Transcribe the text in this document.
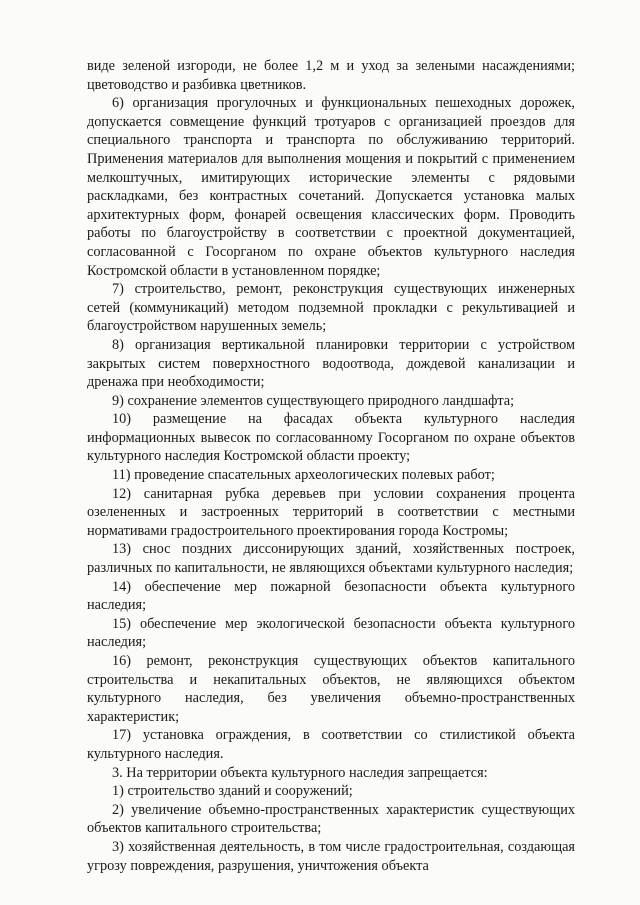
виде зеленой изгороди, не более 1,2 м и уход за зелеными насаждениями; цветоводство и разбивка цветников.

6) организация прогулочных и функциональных пешеходных дорожек, допускается совмещение функций тротуаров с организацией проездов для специального транспорта и транспорта по обслуживанию территорий. Применения материалов для выполнения мощения и покрытий с применением мелкоштучных, имитирующих исторические элементы с рядовыми раскладками, без контрастных сочетаний. Допускается установка малых архитектурных форм, фонарей освещения классических форм. Проводить работы по благоустройству в соответствии с проектной документацией, согласованной с Госорганом по охране объектов культурного наследия Костромской области в установленном порядке;

7) строительство, ремонт, реконструкция существующих инженерных сетей (коммуникаций) методом подземной прокладки с рекультивацией и благоустройством нарушенных земель;

8) организация вертикальной планировки территории с устройством закрытых систем поверхностного водоотвода, дождевой канализации и дренажа при необходимости;

9) сохранение элементов существующего природного ландшафта;

10) размещение на фасадах объекта культурного наследия информационных вывесок по согласованному Госорганом по охране объектов культурного наследия Костромской области проекту;

11) проведение спасательных археологических полевых работ;

12) санитарная рубка деревьев при условии сохранения процента озелененных и застроенных территорий в соответствии с местными нормативами градостроительного проектирования города Костромы;

13) снос поздних диссонирующих зданий, хозяйственных построек, различных по капитальности, не являющихся объектами культурного наследия;

14) обеспечение мер пожарной безопасности объекта культурного наследия;

15) обеспечение мер экологической безопасности объекта культурного наследия;

16) ремонт, реконструкция существующих объектов капитального строительства и некапитальных объектов, не являющихся объектом культурного наследия, без увеличения объемно-пространственных характеристик;

17) установка ограждения, в соответствии со стилистикой объекта культурного наследия.

3. На территории объекта культурного наследия запрещается:

1) строительство зданий и сооружений;

2) увеличение объемно-пространственных характеристик существующих объектов капитального строительства;

3) хозяйственная деятельность, в том числе градостроительная, создающая угрозу повреждения, разрушения, уничтожения объекта
